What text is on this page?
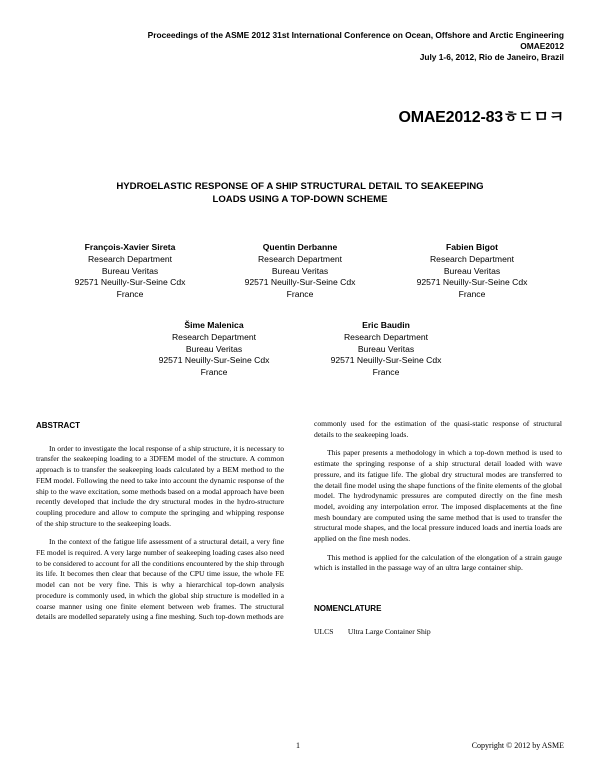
Proceedings of the ASME 2012 31st International Conference on Ocean, Offshore and Arctic Engineering
OMAE2012
July 1-6, 2012, Rio de Janeiro, Brazil
OMAE2012-83ㅎㄷㅁㅋ
HYDROELASTIC RESPONSE OF A SHIP STRUCTURAL DETAIL TO SEAKEEPING
LOADS USING A TOP-DOWN SCHEME
François-Xavier Sireta
Research Department
Bureau Veritas
92571 Neuilly-Sur-Seine Cdx
France
Quentin Derbanne
Research Department
Bureau Veritas
92571 Neuilly-Sur-Seine Cdx
France
Fabien Bigot
Research Department
Bureau Veritas
92571 Neuilly-Sur-Seine Cdx
France
Šime Malenica
Research Department
Bureau Veritas
92571 Neuilly-Sur-Seine Cdx
France
Eric Baudin
Research Department
Bureau Veritas
92571 Neuilly-Sur-Seine Cdx
France
ABSTRACT

In order to investigate the local response of a ship structure, it is necessary to transfer the seakeeping loading to a 3DFEM model of the structure. A common approach is to transfer the seakeeping loads calculated by a BEM method to the FEM model. Following the need to take into account the dynamic response of the ship to the wave excitation, some methods based on a modal approach have been recently developed that include the dry structural modes in the hydro-structure coupling procedure and allow to compute the springing and whipping response of the ship structure to the seakeeping loads.

In the context of the fatigue life assessment of a structural detail, a very fine FE model is required. A very large number of seakeeping loading cases also need to be considered to account for all the conditions encountered by the ship through its life. It becomes then clear that because of the CPU time issue, the whole FE model can not be very fine. This is why a hierarchical top-down analysis procedure is commonly used, in which the global ship structure is modelled in a coarse manner using one finite element between web frames. The structural details are modelled separately using a fine meshing. Such top-down methods are

commonly used for the estimation of the quasi-static response of structural details to the seakeeping loads.

This paper presents a methodology in which a top-down method is used to estimate the springing response of a ship structural detail loaded with wave pressure, and its fatigue life. The global dry structural modes are transferred to the detail fine model using the shape functions of the finite elements of the global model. The hydrodynamic pressures are computed directly on the fine mesh model, avoiding any interpolation error. The imposed displacements at the fine mesh boundary are computed using the same method that is used to transfer the structural mode shapes, and the local pressure induced loads and inertia loads are applied on the fine mesh nodes.

This method is applied for the calculation of the elongation of a strain gauge which is installed in the passage way of an ultra large container ship.

NOMENCLATURE
ULCS Ultra Large Container Ship
1	Copyright © 2012 by ASME
